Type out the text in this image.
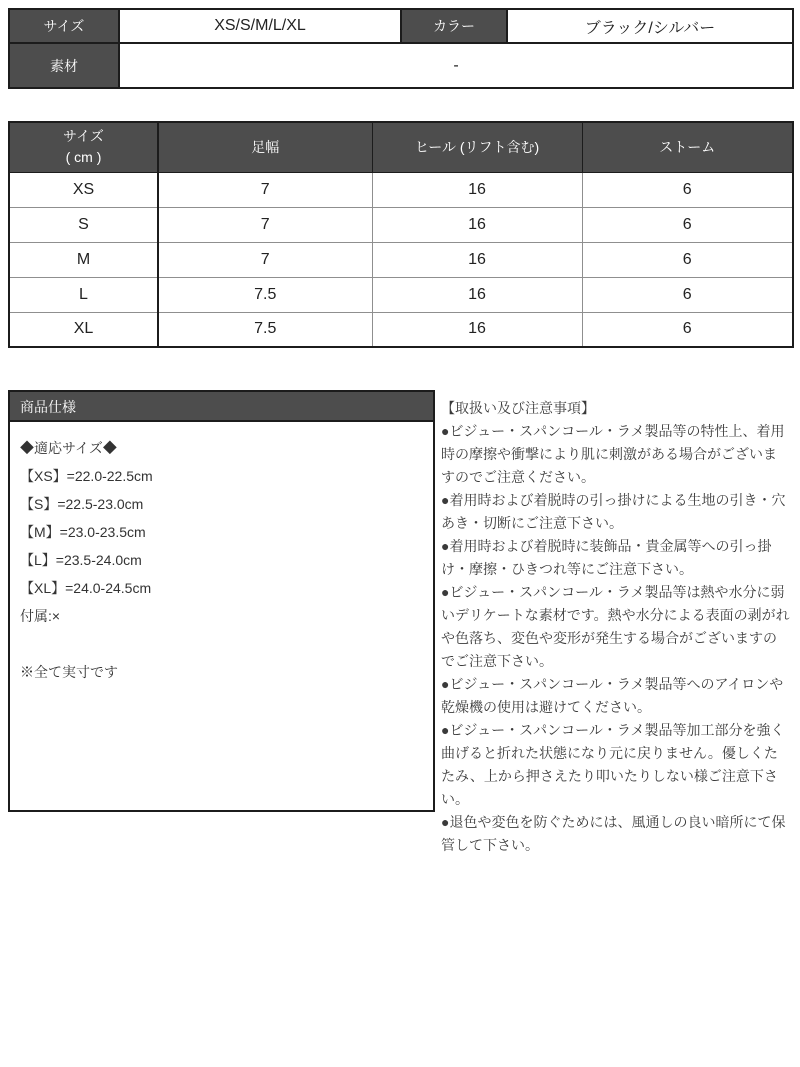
サイズ	XS/S/M/L/XL	カラー	ブラック/シルバー
素材	-		
サイズ
( cm )	足幅	ヒール (リフト含む)	ストーム
XS	7	16	6
S	7	16	6
M	7	16	6
L	7.5	16	6
XL	7.5	16	6
商品仕様
◆適応サイズ◆
【XS】=22.0-22.5cm
【S】=22.5-23.0cm
【M】=23.0-23.5cm
【L】=23.5-24.0cm
【XL】=24.0-24.5cm
付属:×
※全て実寸です
【取扱い及び注意事項】
●ビジュー・スパンコール・ラメ製品等の特性上、着用時の摩擦や衝撃により肌に刺激がある場合がございますのでご注意ください。
●着用時および着脱時の引っ掛けによる生地の引き・穴あき・切断にご注意下さい。
●着用時および着脱時に装飾品・貴金属等への引っ掛け・摩擦・ひきつれ等にご注意下さい。
●ビジュー・スパンコール・ラメ製品等は熱や水分に弱いデリケートな素材です。熱や水分による表面の剥がれや色落ち、変色や変形が発生する場合がございますのでご注意下さい。
●ビジュー・スパンコール・ラメ製品等へのアイロンや乾燥機の使用は避けてください。
●ビジュー・スパンコール・ラメ製品等加工部分を強く曲げると折れた状態になり元に戻りません。優しくたたみ、上から押さえたり叩いたりしない様ご注意下さい。
●退色や変色を防ぐためには、風通しの良い暗所にて保管して下さい。
